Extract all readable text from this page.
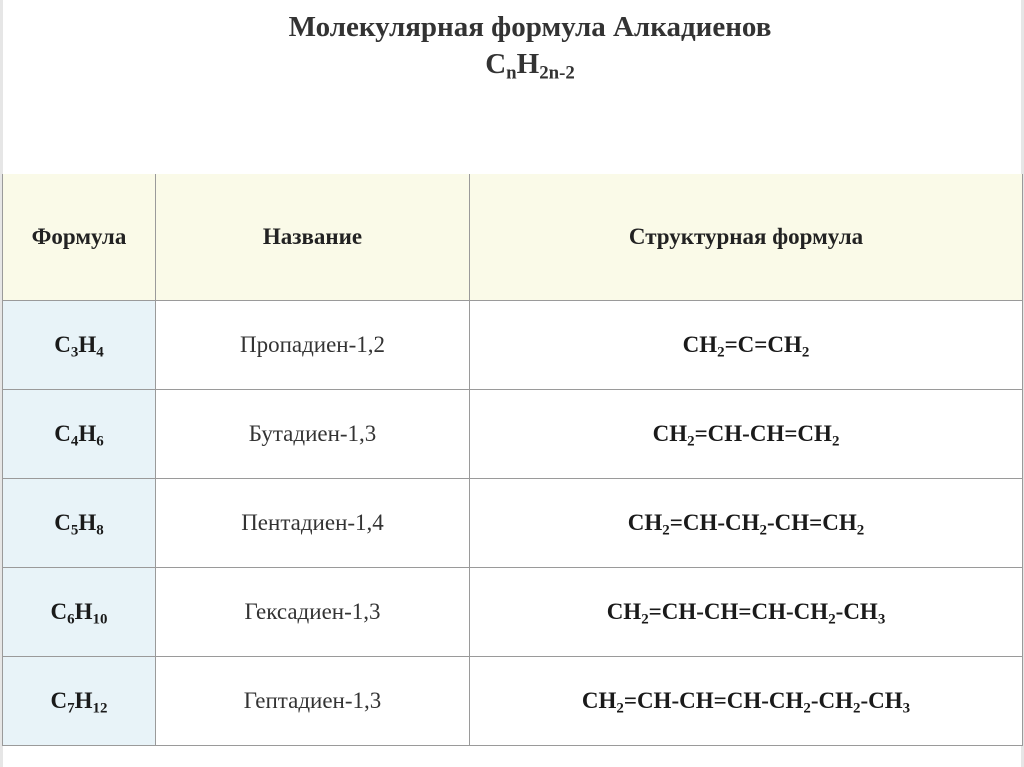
Молекулярная формула Алкадиенов
$C_nH_{2n-2}$
Формула	Название	Структурная формула
$C_3H_4$	Пропадиен-1,2	$CH_2=C=CH_2$
$C_4H_6$	Бутадиен-1,3	$CH_2=CH-CH=CH_2$
$C_5H_8$	Пентадиен-1,4	$CH_2=CH-CH_2-CH=CH_2$
$C_6H_{10}$	Гексадиен-1,3	$CH_2=CH-CH=CH-CH_2-CH_3$
$C_7H_{12}$	Гептадиен-1,3	$CH_2=CH-CH=CH-CH_2-CH_2-CH_3$
